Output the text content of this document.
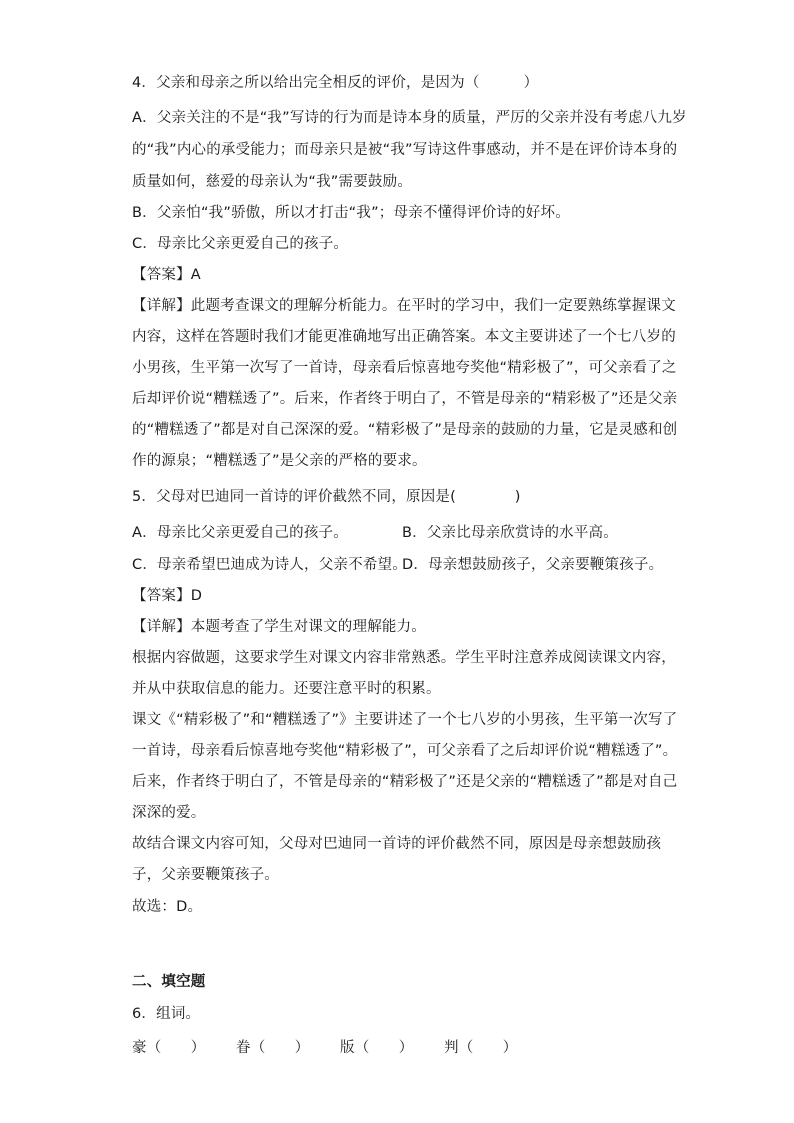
4．父亲和母亲之所以给出完全相反的评价，是因为（　　　）
A．父亲关注的不是“我”写诗的行为而是诗本身的质量，严厉的父亲并没有考虑八九岁
的“我”内心的承受能力；而母亲只是被“我”写诗这件事感动，并不是在评价诗本身的
质量如何，慈爱的母亲认为“我”需要鼓励。
B．父亲怕“我”骄傲，所以才打击“我”；母亲不懂得评价诗的好坏。
C．母亲比父亲更爱自己的孩子。
【答案】A
【详解】此题考查课文的理解分析能力。在平时的学习中，我们一定要熟练掌握课文
内容，这样在答题时我们才能更准确地写出正确答案。本文主要讲述了一个七八岁的
小男孩，生平第一次写了一首诗，母亲看后惊喜地夸奖他“精彩极了”，可父亲看了之
后却评价说“糟糕透了”。后来，作者终于明白了，不管是母亲的“精彩极了”还是父亲
的“糟糕透了”都是对自己深深的爱。“精彩极了”是母亲的鼓励的力量，它是灵感和创
作的源泉；“糟糕透了”是父亲的严格的要求。
5．父母对巴迪同一首诗的评价截然不同，原因是(　　　　)
A．母亲比父亲更爱自己的孩子。	B．父亲比母亲欣赏诗的水平高。
C．母亲希望巴迪成为诗人，父亲不希望。D．母亲想鼓励孩子，父亲要鞭策孩子。
【答案】D
【详解】本题考查了学生对课文的理解能力。
根据内容做题，这要求学生对课文内容非常熟悉。学生平时注意养成阅读课文内容，
并从中获取信息的能力。还要注意平时的积累。
课文《“精彩极了”和“糟糕透了”》主要讲述了一个七八岁的小男孩，生平第一次写了
一首诗，母亲看后惊喜地夸奖他“精彩极了”，可父亲看了之后却评价说“糟糕透了”。
后来，作者终于明白了，不管是母亲的“精彩极了”还是父亲的“糟糕透了”都是对自己
深深的爱。
故结合课文内容可知，父母对巴迪同一首诗的评价截然不同，原因是母亲想鼓励孩
子，父亲要鞭策孩子。
故选：D。
二、填空题
6．组词。
豪（　　） 眷（　　） 版（　　） 判（　　）
